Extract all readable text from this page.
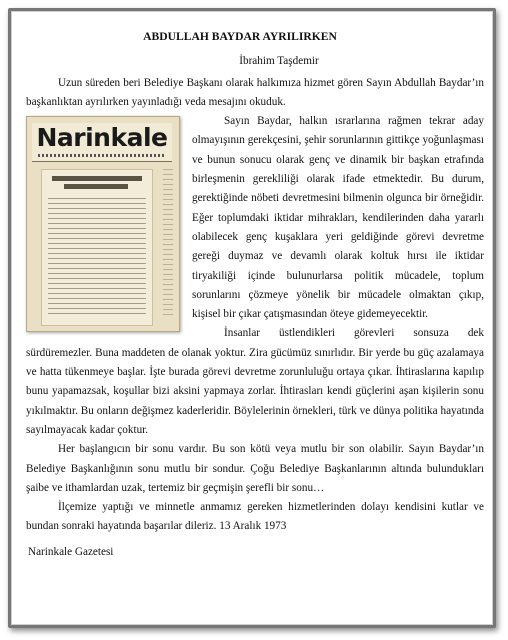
ABDULLAH BAYDAR AYRILIRKEN
İbrahim Taşdemir

Uzun süreden beri Belediye Başkanı olarak halkımıza hizmet gören Sayın Abdullah Baydar’ın başkanlıktan ayrılırken yayınladığı veda mesajını okuduk.

Narinkale

Sayın Baydar, halkın ısrarlarına rağmen tekrar aday olmayışının gerekçesini, şehir sorunlarının gittikçe yoğunlaşması ve bunun sonucu olarak genç ve dinamik bir başkan etrafında birleşmenin gerekliliği olarak ifade etmektedir. Bu durum, gerektiğinde nöbeti devretmesini bilmenin olgunca bir örneğidir. Eğer toplumdaki iktidar mihrakları, kendilerinden daha yararlı olabilecek genç kuşaklara yeri geldiğinde görevi devretme gereği duymaz ve devamlı olarak koltuk hırsı ile iktidar tiryakiliği içinde bulunurlarsa politik mücadele, toplum sorunlarını çözmeye yönelik bir mücadele olmaktan çıkıp, kişisel bir çıkar çatışmasından öteye gidemeyecektir.

İnsanlar üstlendikleri görevleri sonsuza dek sürdüremezler. Buna maddeten de olanak yoktur. Zira gücümüz sınırlıdır. Bir yerde bu güç azalamaya ve hatta tükenmeye başlar. İşte burada görevi devretme zorunluluğu ortaya çıkar. İhtiraslarına kapılıp bunu yapamazsak, koşullar bizi aksini yapmaya zorlar. İhtirasları kendi güçlerini aşan kişilerin sonu yıkılmaktır. Bu onların değişmez kaderleridir. Böylelerinin örnekleri, türk ve dünya politika hayatında sayılmayacak kadar çoktur.

Her başlangıcın bir sonu vardır. Bu son kötü veya mutlu bir son olabilir. Sayın Baydar’ın Belediye Başkanlığının sonu mutlu bir sondur. Çoğu Belediye Başkanlarının altında bulundukları şaibe ve ithamlardan uzak, tertemiz bir geçmişin şerefli bir sonu…

İlçemize yaptığı ve minnetle anmamız gereken hizmetlerinden dolayı kendisini kutlar ve bundan sonraki hayatında başarılar dileriz. 13 Aralık 1973

Narinkale Gazetesi
